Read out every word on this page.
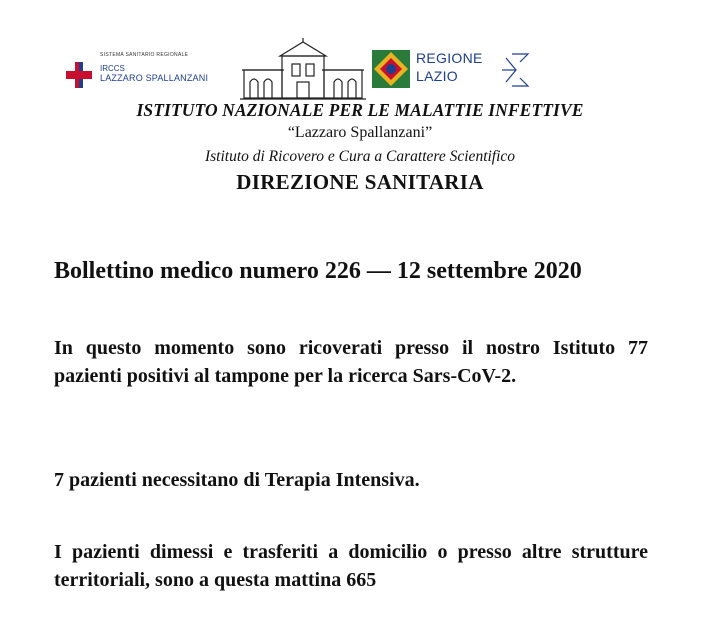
SISTEMA SANITARIO REGIONALE
IRCCS
LAZZARO SPALLANZANI
REGIONE
LAZIO
ISTITUTO NAZIONALE PER LE MALATTIE INFETTIVE
“Lazzaro Spallanzani”
Istituto di Ricovero e Cura a Carattere Scientifico
DIREZIONE SANITARIA
Bollettino medico numero 226 — 12 settembre 2020
In questo momento sono ricoverati presso il nostro Istituto 77 pazienti positivi al tampone per la ricerca Sars-CoV-2.
7 pazienti necessitano di Terapia Intensiva.
I pazienti dimessi e trasferiti a domicilio o presso altre strutture territoriali, sono a questa mattina 665
